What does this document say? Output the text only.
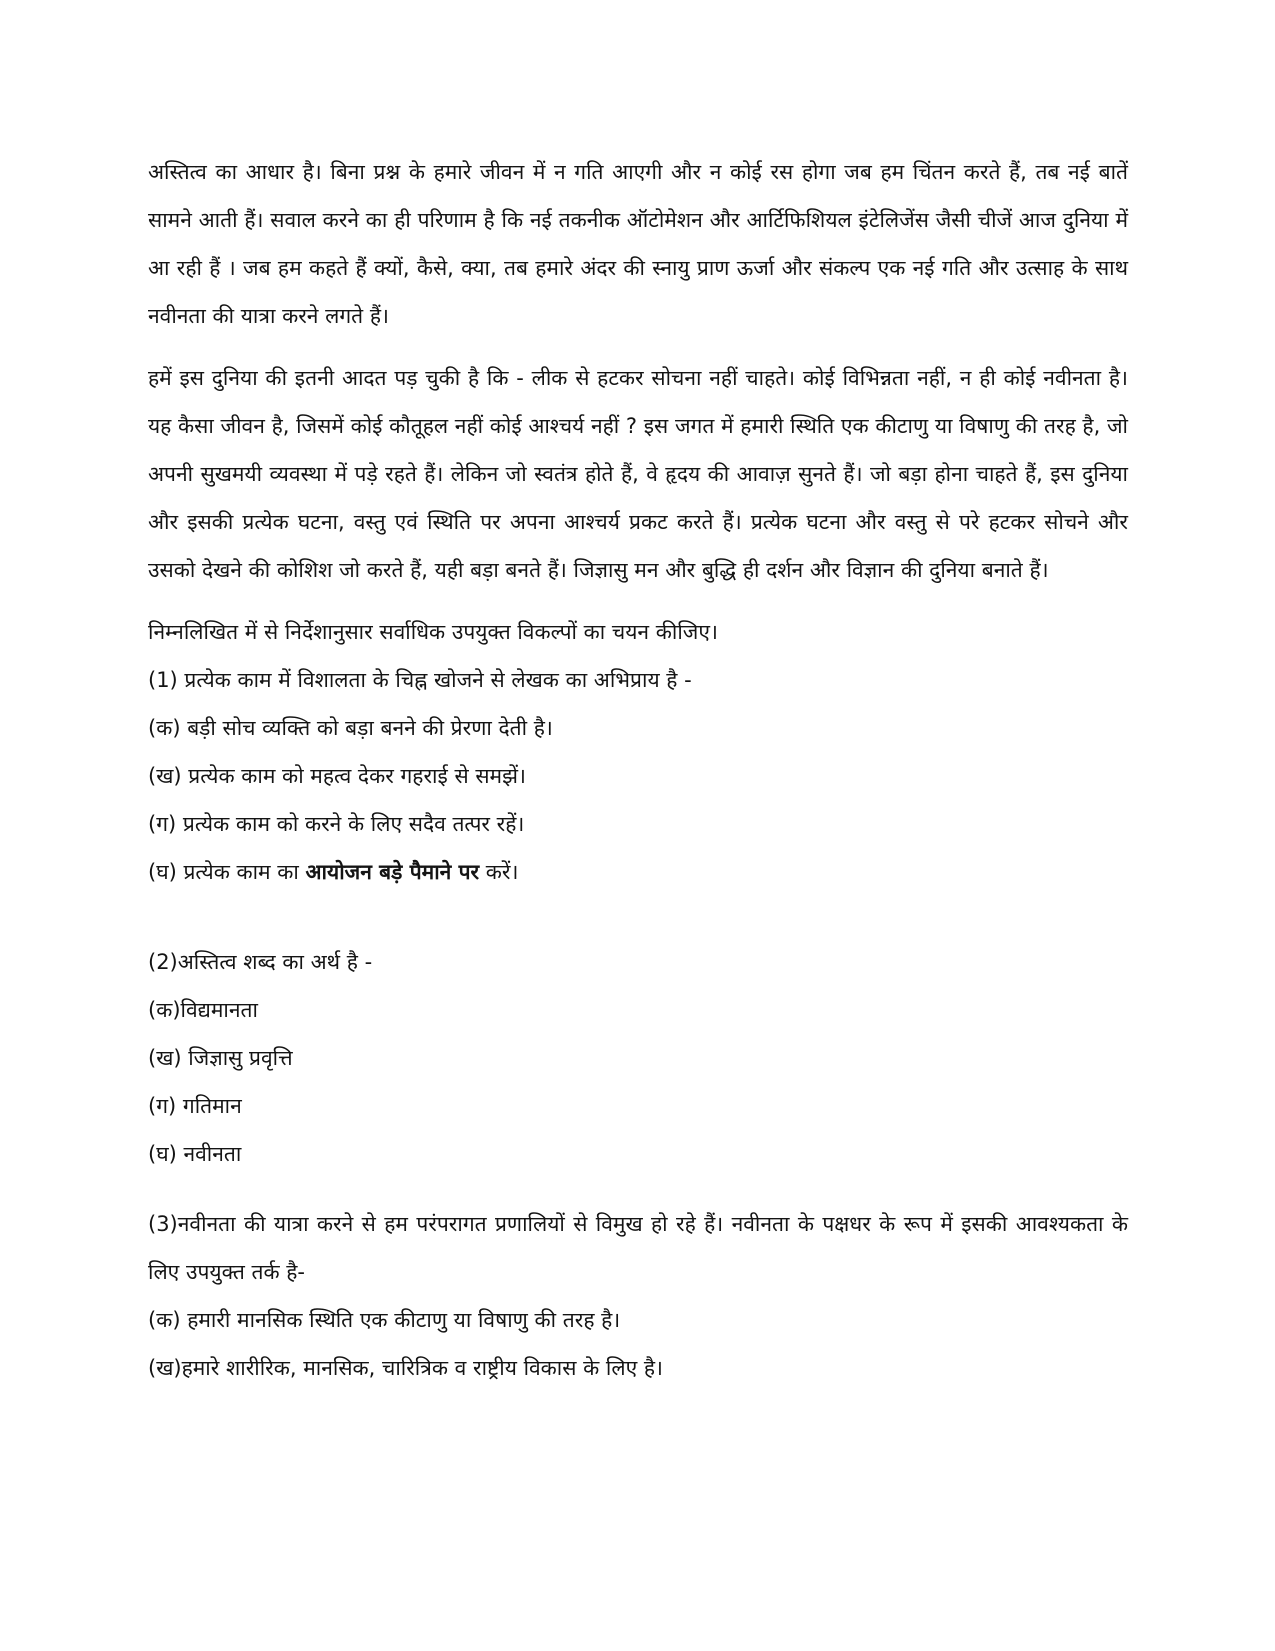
अस्तित्व का आधार है। बिना प्रश्न के हमारे जीवन में न गति आएगी और न कोई रस होगा जब हम चिंतन करते हैं, तब नई बातें सामने आती हैं। सवाल करने का ही परिणाम है कि नई तकनीक ऑटोमेशन और आर्टिफिशियल इंटेलिजेंस जैसी चीजें आज दुनिया में आ रही हैं । जब हम कहते हैं क्यों, कैसे, क्या, तब हमारे अंदर की स्नायु प्राण ऊर्जा और संकल्प एक नई गति और उत्साह के साथ नवीनता की यात्रा करने लगते हैं।

हमें इस दुनिया की इतनी आदत पड़ चुकी है कि - लीक से हटकर सोचना नहीं चाहते। कोई विभिन्नता नहीं, न ही कोई नवीनता है। यह कैसा जीवन है, जिसमें कोई कौतूहल नहीं कोई आश्चर्य नहीं ? इस जगत में हमारी स्थिति एक कीटाणु या विषाणु की तरह है, जो अपनी सुखमयी व्यवस्था में पड़े रहते हैं। लेकिन जो स्वतंत्र होते हैं, वे हृदय की आवाज़ सुनते हैं। जो बड़ा होना चाहते हैं, इस दुनिया और इसकी प्रत्येक घटना, वस्तु एवं स्थिति पर अपना आश्चर्य प्रकट करते हैं। प्रत्येक घटना और वस्तु से परे हटकर सोचने और उसको देखने की कोशिश जो करते हैं, यही बड़ा बनते हैं। जिज्ञासु मन और बुद्धि ही दर्शन और विज्ञान की दुनिया बनाते हैं।

निम्नलिखित में से निर्देशानुसार सर्वाधिक उपयुक्त विकल्पों का चयन कीजिए।

(1) प्रत्येक काम में विशालता के चिह्न खोजने से लेखक का अभिप्राय है -

(क) बड़ी सोच व्यक्ति को बड़ा बनने की प्रेरणा देती है।

(ख) प्रत्येक काम को महत्व देकर गहराई से समझें।

(ग) प्रत्येक काम को करने के लिए सदैव तत्पर रहें।

(घ) प्रत्येक काम का आयोजन बड़े पैमाने पर करें।

(2)अस्तित्व शब्द का अर्थ है -

(क)विद्यमानता

(ख) जिज्ञासु प्रवृत्ति

(ग) गतिमान

(घ) नवीनता

(3)नवीनता की यात्रा करने से हम परंपरागत प्रणालियों से विमुख हो रहे हैं। नवीनता के पक्षधर के रूप में इसकी आवश्यकता के लिए उपयुक्त तर्क है-

(क) हमारी मानसिक स्थिति एक कीटाणु या विषाणु की तरह है।

(ख)हमारे शारीरिक, मानसिक, चारित्रिक व राष्ट्रीय विकास के लिए है।
